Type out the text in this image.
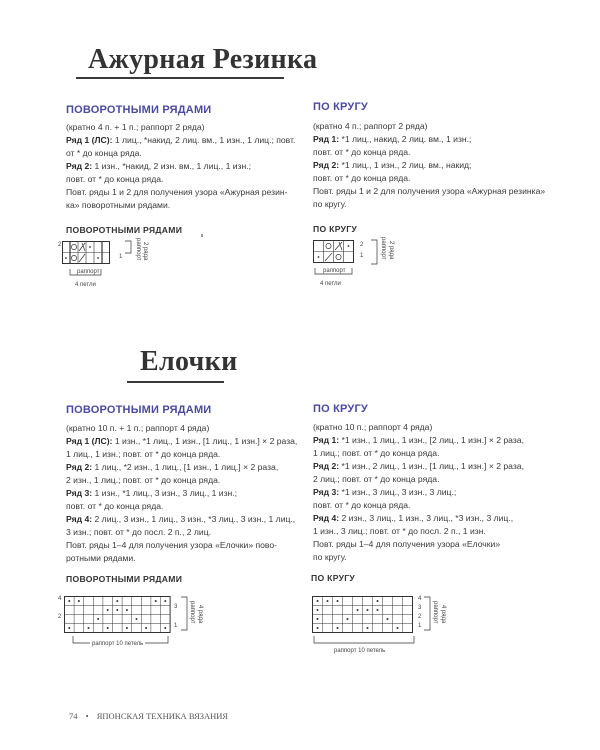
Ажурная Резинка
ПОВОРОТНЫМИ РЯДАМИ
(кратно 4 п. + 1 п.; раппорт 2 ряда)
Ряд 1 (ЛС): 1 лиц., *накид, 2 лиц. вм., 1 изн., 1 лиц.; повт.
от * до конца ряда.
Ряд 2: 1 изн., *накид, 2 изн. вм., 1 лиц., 1 изн.;
повт. от * до конца ряда.
Повт. ряды 1 и 2 для получения узора «Ажурная резин-
ка» поворотными рядами.
ПО КРУГУ
(кратно 4 п.; раппорт 2 ряда)
Ряд 1: *1 лиц., накид, 2 лиц. вм., 1 изн.;
повт. от * до конца ряда.
Ряд 2: *1 лиц., 1 изн., 2 лиц. вм., накид;
повт. от * до конца ряда.
Повт. ряды 1 и 2 для получения узора «Ажурная резинка»
по кругу.
ПОВОРОТНЫМИ РЯДАМИ
2
1 раппорт 2 ряда
раппорт
4 петли
ПО КРУГУ
2
1	раппорт 2 ряда
раппорт
4 петли
Елочки
ПОВОРОТНЫМИ РЯДАМИ
(кратно 10 п. + 1 п.; раппорт 4 ряда)
Ряд 1 (ЛС): 1 изн., *1 лиц., 1 изн., [1 лиц., 1 изн.] × 2 раза,
1 лиц., 1 изн.; повт. от * до конца ряда.
Ряд 2: 1 лиц., *2 изн., 1 лиц., [1 изн., 1 лиц.] × 2 раза,
2 изн., 1 лиц.; повт. от * до конца ряда.
Ряд 3: 1 изн., *1 лиц., 3 изн., 3 лиц., 1 изн.;
повт. от * до конца ряда.
Ряд 4: 2 лиц., 3 изн., 1 лиц., 3 изн., *3 лиц., 3 изн., 1 лиц.,
3 изн.; повт. от * до посл. 2 п., 2 лиц.
Повт. ряды 1–4 для получения узора «Елочки» пово-
ротными рядами.
ПО КРУГУ
(кратно 10 п.; раппорт 4 ряда)
Ряд 1: *1 изн., 1 лиц., 1 изн., [2 лиц., 1 изн.] × 2 раза,
1 лиц.; повт. от * до конца ряда.
Ряд 2: *1 изн., 2 лиц., 1 изн., [1 лиц., 1 изн.] × 2 раза,
2 лиц.; повт. от * до конца ряда.
Ряд 3: *1 изн., 3 лиц., 3 изн., 3 лиц.;
повт. от * до конца ряда.
Ряд 4: 2 изн., 3 лиц., 1 изн., 3 лиц., *3 изн., 3 лиц.,
1 изн., 3 лиц.; повт. от * до посл. 2 п., 1 изн.
Повт. ряды 1–4 для получения узора «Елочки»
по кругу.
ПОВОРОТНЫМИ РЯДАМИ
4
3
2
1
раппорт 4 ряда
раппорт 10 петель
ПО КРУГУ
4
3
2
1
раппорт 4 ряда
раппорт 10 петель
74 • ЯПОНСКАЯ ТЕХНИКА ВЯЗАНИЯ
